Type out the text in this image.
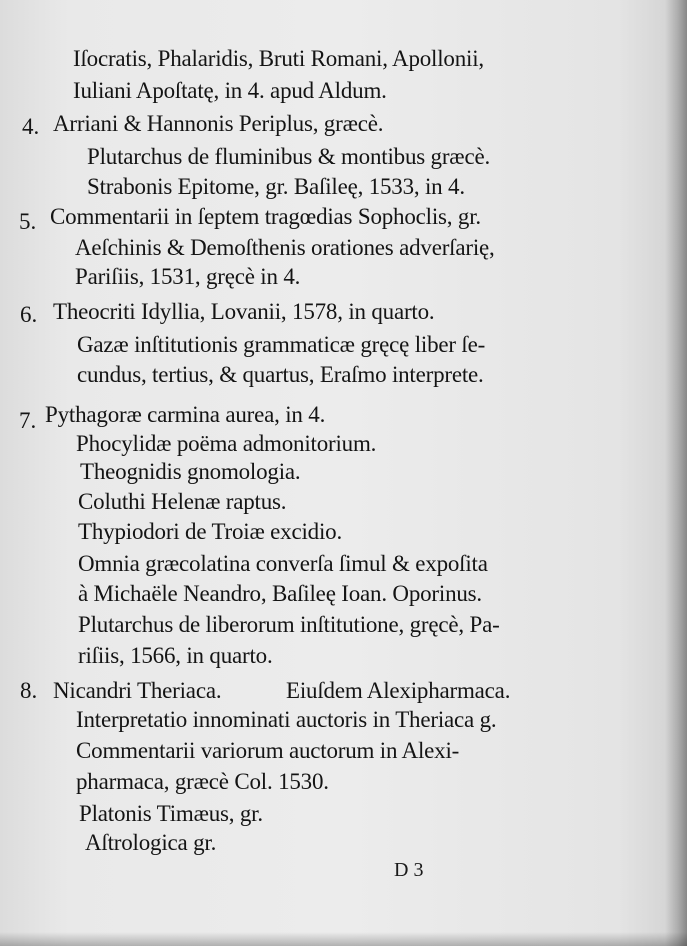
Iſocratis, Phalaridis, Bruti Romani, Apollonii,
Iuliani Apoſtatę, in 4. apud Aldum.
4. Arriani & Hannonis Periplus, græcè.
Plutarchus de fluminibus & montibus græcè.
Strabonis Epitome, gr. Baſileę, 1533, in 4.
5. Commentarii in ſeptem tragœdias Sophoclis, gr.
Aeſchinis & Demoſthenis orationes adverſarię,
Pariſiis, 1531, gręcè in 4.
6. Theocriti Idyllia, Lovanii, 1578, in quarto.
Gazæ inſtitutionis grammaticæ gręcę liber ſe-
cundus, tertius, & quartus, Eraſmo interprete.
7. Pythagoræ carmina aurea, in 4.
Phocylidæ poëma admonitorium.
Theognidis gnomologia.
Coluthi Helenæ raptus.
Thypiodori de Troiæ excidio.
Omnia græcolatina converſa ſimul & expoſita
à Michaële Neandro, Baſileę Ioan. Oporinus.
Plutarchus de liberorum inſtitutione, gręcè, Pa-
riſiis, 1566, in quarto.
8. Nicandri Theriaca.	Eiuſdem Alexipharmaca.
Interpretatio innominati auctoris in Theriaca g.
Commentarii variorum auctorum in Alexi-
pharmaca, græcè Col. 1530.
Platonis Timæus, gr.
Aſtrologica gr.
D 3
